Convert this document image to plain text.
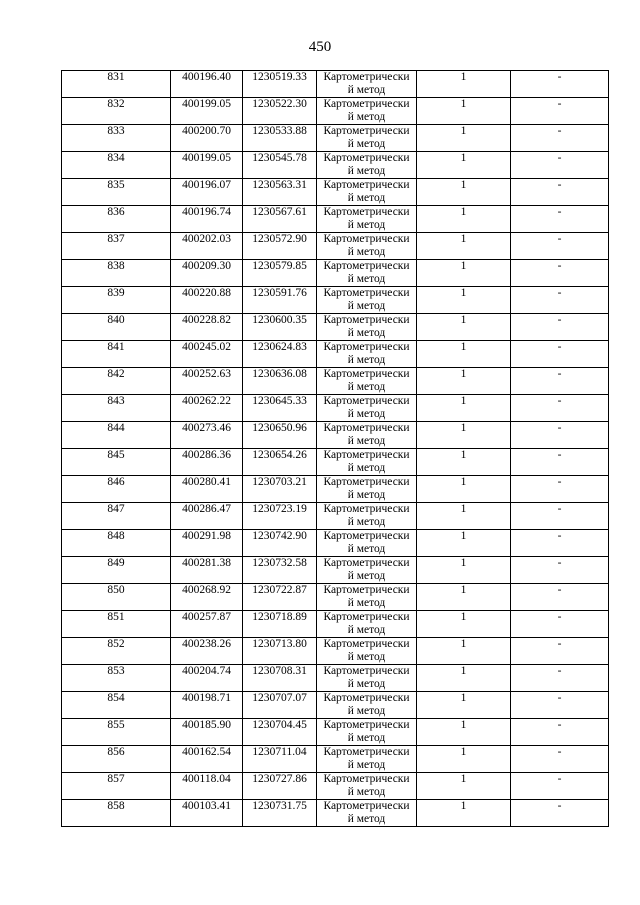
450
831	400196.40	1230519.33	Картометрически
й метод	1	-
832	400199.05	1230522.30	Картометрически
й метод	1	-
833	400200.70	1230533.88	Картометрически
й метод	1	-
834	400199.05	1230545.78	Картометрически
й метод	1	-
835	400196.07	1230563.31	Картометрически
й метод	1	-
836	400196.74	1230567.61	Картометрически
й метод	1	-
837	400202.03	1230572.90	Картометрически
й метод	1	-
838	400209.30	1230579.85	Картометрически
й метод	1	-
839	400220.88	1230591.76	Картометрически
й метод	1	-
840	400228.82	1230600.35	Картометрически
й метод	1	-
841	400245.02	1230624.83	Картометрически
й метод	1	-
842	400252.63	1230636.08	Картометрически
й метод	1	-
843	400262.22	1230645.33	Картометрически
й метод	1	-
844	400273.46	1230650.96	Картометрически
й метод	1	-
845	400286.36	1230654.26	Картометрически
й метод	1	-
846	400280.41	1230703.21	Картометрически
й метод	1	-
847	400286.47	1230723.19	Картометрически
й метод	1	-
848	400291.98	1230742.90	Картометрически
й метод	1	-
849	400281.38	1230732.58	Картометрически
й метод	1	-
850	400268.92	1230722.87	Картометрически
й метод	1	-
851	400257.87	1230718.89	Картометрически
й метод	1	-
852	400238.26	1230713.80	Картометрически
й метод	1	-
853	400204.74	1230708.31	Картометрически
й метод	1	-
854	400198.71	1230707.07	Картометрически
й метод	1	-
855	400185.90	1230704.45	Картометрически
й метод	1	-
856	400162.54	1230711.04	Картометрически
й метод	1	-
857	400118.04	1230727.86	Картометрически
й метод	1	-
858	400103.41	1230731.75	Картометрически
й метод	1	-
